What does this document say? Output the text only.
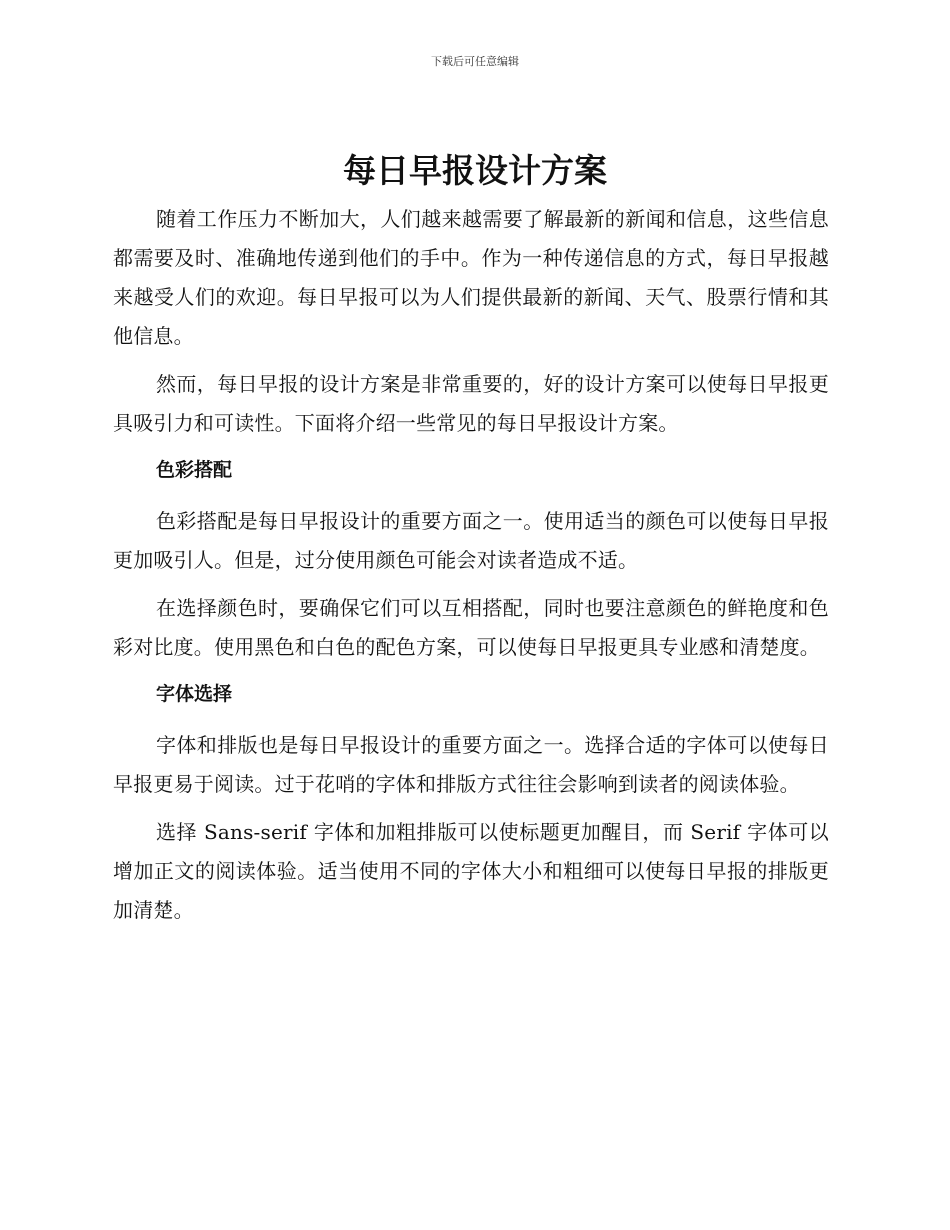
下载后可任意编辑
每日早报设计方案

随着工作压力不断加大，人们越来越需要了解最新的新闻和信息，这些信息都需要及时、准确地传递到他们的手中。作为一种传递信息的方式，每日早报越来越受人们的欢迎。每日早报可以为人们提供最新的新闻、天气、股票行情和其他信息。

然而，每日早报的设计方案是非常重要的，好的设计方案可以使每日早报更具吸引力和可读性。下面将介绍一些常见的每日早报设计方案。

色彩搭配

色彩搭配是每日早报设计的重要方面之一。使用适当的颜色可以使每日早报更加吸引人。但是，过分使用颜色可能会对读者造成不适。

在选择颜色时，要确保它们可以互相搭配，同时也要注意颜色的鲜艳度和色彩对比度。使用黑色和白色的配色方案，可以使每日早报更具专业感和清楚度。

字体选择

字体和排版也是每日早报设计的重要方面之一。选择合适的字体可以使每日早报更易于阅读。过于花哨的字体和排版方式往往会影响到读者的阅读体验。

选择 Sans-serif 字体和加粗排版可以使标题更加醒目，而 Serif 字体可以增加正文的阅读体验。适当使用不同的字体大小和粗细可以使每日早报的排版更加清楚。
